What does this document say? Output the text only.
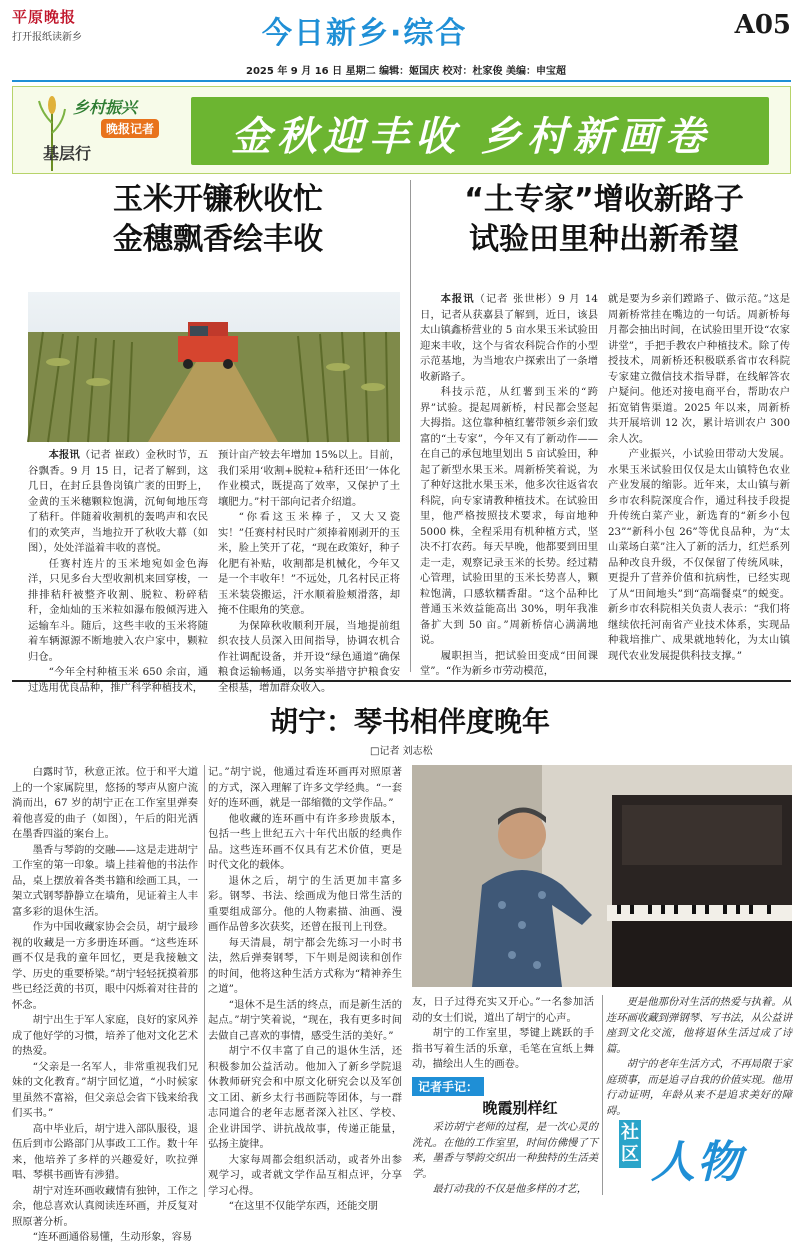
平原晚报
打开报纸读新乡	今日新乡·综合	A05
2025 年 9 月 16 日 星期二 编辑：姬国庆 校对：杜家俊 美编：申宝超
乡村振兴
晚报记者
基层行	金秋迎丰收 乡村新画卷
玉米开镰秋收忙
金穗飘香绘丰收

本报讯（记者 崔政）金秋时节，五谷飘香。9 月 15 日，记者了解到，这几日，在封丘县鲁岗镇广袤的田野上，金黄的玉米穗颗粒饱满，沉甸甸地压弯了秸秆。伴随着收割机的轰鸣声和农民们的欢笑声，当地拉开了秋收大幕（如图），处处洋溢着丰收的喜悦。

任赛村连片的玉米地宛如金色海洋，只见多台大型收割机来回穿梭，一排排秸秆被整齐收割、脱粒、粉碎秸秆，金灿灿的玉米粒如瀑布般倾泻进入运输车斗。随后，这些丰收的玉米将随着车辆源源不断地驶入农户家中，颗粒归仓。

“今年全村种植玉米 650 余亩，通过选用优良品种，推广科学种植技术，

预计亩产较去年增加 15%以上。目前，我们采用‘收割+脱粒+秸秆还田’一体化作业模式，既提高了效率，又保护了土壤肥力。”村干部向记者介绍道。

“你看这玉米棒子，又大又瓷实！”任赛村村民时广须捧着刚剥开的玉米，脸上笑开了花，“现在政策好，种子化肥有补贴，收割都是机械化，今年又是一个丰收年！”不远处，几名村民正将玉米装袋搬运，汗水顺着脸颊滑落，却掩不住眼角的笑意。

为保障秋收顺利开展，当地提前组织农技人员深入田间指导，协调农机合作社调配设备，并开设“绿色通道”确保粮食运输畅通，以务实举措守护粮食安全根基，增加群众收入。

“土专家”增收新路子
试验田里种出新希望

本报讯（记者 张世彬）9 月 14 日，记者从获嘉县了解到，近日，该县太山镇鑫桥营业的 5 亩水果玉米试验田迎来丰收，这个与省农科院合作的小型示范基地，为当地农户探索出了一条增收新路子。

科技示范，从红薯到玉米的“跨界”试验。提起周新桥，村民都会竖起大拇指。这位靠种植红薯带领乡亲们致富的“土专家”，今年又有了新动作——在自己的承包地里划出 5 亩试验田，种起了新型水果玉米。周新桥笑着说，为了种好这批水果玉米，他多次往返省农科院，向专家请教种植技术。在试验田里，他严格按照技术要求，每亩地种 5000 株，全程采用有机种植方式，坚决不打农药。每天早晚，他都要到田里走一走，观察记录玉米的长势。经过精心管理，试验田里的玉米长势喜人，颗粒饱满，口感软糯香甜。“这个品种比普通玉米效益能高出 30%，明年我准备扩大到 50 亩。”周新桥信心满满地说。

履职担当，把试验田变成“田间课堂”。“作为新乡市劳动模范，

就是要为乡亲们蹚路子、做示范。”这是周新桥常挂在嘴边的一句话。周新桥每月都会抽出时间，在试验田里开设“农家讲堂”，手把手教农户种植技术。除了传授技术，周新桥还积极联系省市农科院专家建立微信技术指导群，在线解答农户疑问。他还对接电商平台，帮助农户拓宽销售渠道。2025 年以来，周新桥共开展培训 12 次，累计培训农户 300 余人次。

产业振兴，小试验田带动大发展。水果玉米试验田仅仅是太山镇特色农业产业发展的缩影。近年来，太山镇与新乡市农科院深度合作，通过科技手段提升传统白菜产业，新选育的“新乡小包 23”“新科小包 26”等优良品种，为“太山菜场白菜”注入了新的活力，红烂系列品种改良升级，不仅保留了传统风味，更提升了营养价值和抗病性，已经实现了从“田间地头”到“高端餐桌”的蜕变。新乡市农科院相关负责人表示：“我们将继续依托河南省产业技术体系，实现品种栽培推广、成果就地转化，为太山镇现代农业发展提供科技支撑。”

胡宁：琴书相伴度晚年
□记者 刘志松

白露时节，秋意正浓。位于和平大道上的一个家属院里，悠扬的琴声从窗户流淌而出，67 岁的胡宁正在工作室里弹奏着他喜爱的曲子（如图），午后的阳光洒在墨香四溢的案台上。

墨香与琴韵的交融——这是走进胡宁工作室的第一印象。墙上挂着他的书法作品，桌上摆放着各类书籍和绘画工具，一架立式钢琴静静立在墙角，见证着主人丰富多彩的退休生活。

作为中国收藏家协会会员，胡宁最珍视的收藏是一方多册连环画。“这些连环画不仅是我的童年回忆，更是我接触文学、历史的重要桥梁。”胡宁轻轻抚摸着那些已经泛黄的书页，眼中闪烁着对往昔的怀念。

胡宁出生于军人家庭，良好的家风养成了他好学的习惯，培养了他对文化艺术的热爱。

“父亲是一名军人，非常重视我们兄妹的文化教育。”胡宁回忆道，“小时候家里虽然不富裕，但父亲总会省下钱来给我们买书。”

高中毕业后，胡宁进入部队服役，退伍后到市公路部门从事政工工作。数十年来，他培养了多样的兴趣爱好，吹拉弹唱、琴棋书画皆有涉猎。

胡宁对连环画收藏情有独钟，工作之余，他总喜欢认真阅读连环画，并反复对照原著分析。

“连环画通俗易懂，生动形象，容易

记。”胡宁说，他通过看连环画再对照原著的方式，深入理解了许多文学经典。“一套好的连环画，就是一部缩微的文学作品。”

他收藏的连环画中有许多珍贵版本，包括一些上世纪五六十年代出版的经典作品。这些连环画不仅具有艺术价值，更是时代文化的载体。

退休之后，胡宁的生活更加丰富多彩。钢琴、书法、绘画成为他日常生活的重要组成部分。他的人物素描、油画、漫画作品曾多次获奖，还曾在报刊上刊登。

每天清晨，胡宁都会先练习一小时书法，然后弹奏钢琴，下午则是阅读和创作的时间，他将这种生活方式称为“精神养生之道”。

“退休不是生活的终点，而是新生活的起点。”胡宁笑着说，“现在，我有更多时间去做自己喜欢的事情，感受生活的美好。”

胡宁不仅丰富了自己的退休生活，还积极参加公益活动。他加入了新乡学院退休教师研究会和中原文化研究会以及军创文工团、新乡太行书画院等团体，与一群志同道合的老年志愿者深入社区、学校、企业讲国学、讲抗战故事，传递正能量，弘扬主旋律。

大家每周都会组织活动，或者外出参观学习，或者就文学作品互相点评，分享学习心得。

“在这里不仅能学东西，还能交朋

友，日子过得充实又开心。”一名参加活动的女士们说，道出了胡宁的心声。

胡宁的工作室里，琴键上跳跃的手指书写着生活的乐章，毛笔在宣纸上舞动，描绘出人生的画卷。

记者手记：
晚霞别样红

采访胡宁老师的过程，是一次心灵的洗礼。在他的工作室里，时间仿佛慢了下来，墨香与琴韵交织出一种独特的生活美学。

最打动我的不仅是他多样的才艺，

更是他那份对生活的热爱与执着。从连环画收藏到弹钢琴、写书法，从公益讲座到文化交流，他将退休生活过成了诗篇。

胡宁的老年生活方式，不再局限于家庭琐事，而是追寻自我的价值实现。他用行动证明，年龄从来不是追求美好的障碍。

社区 人物
